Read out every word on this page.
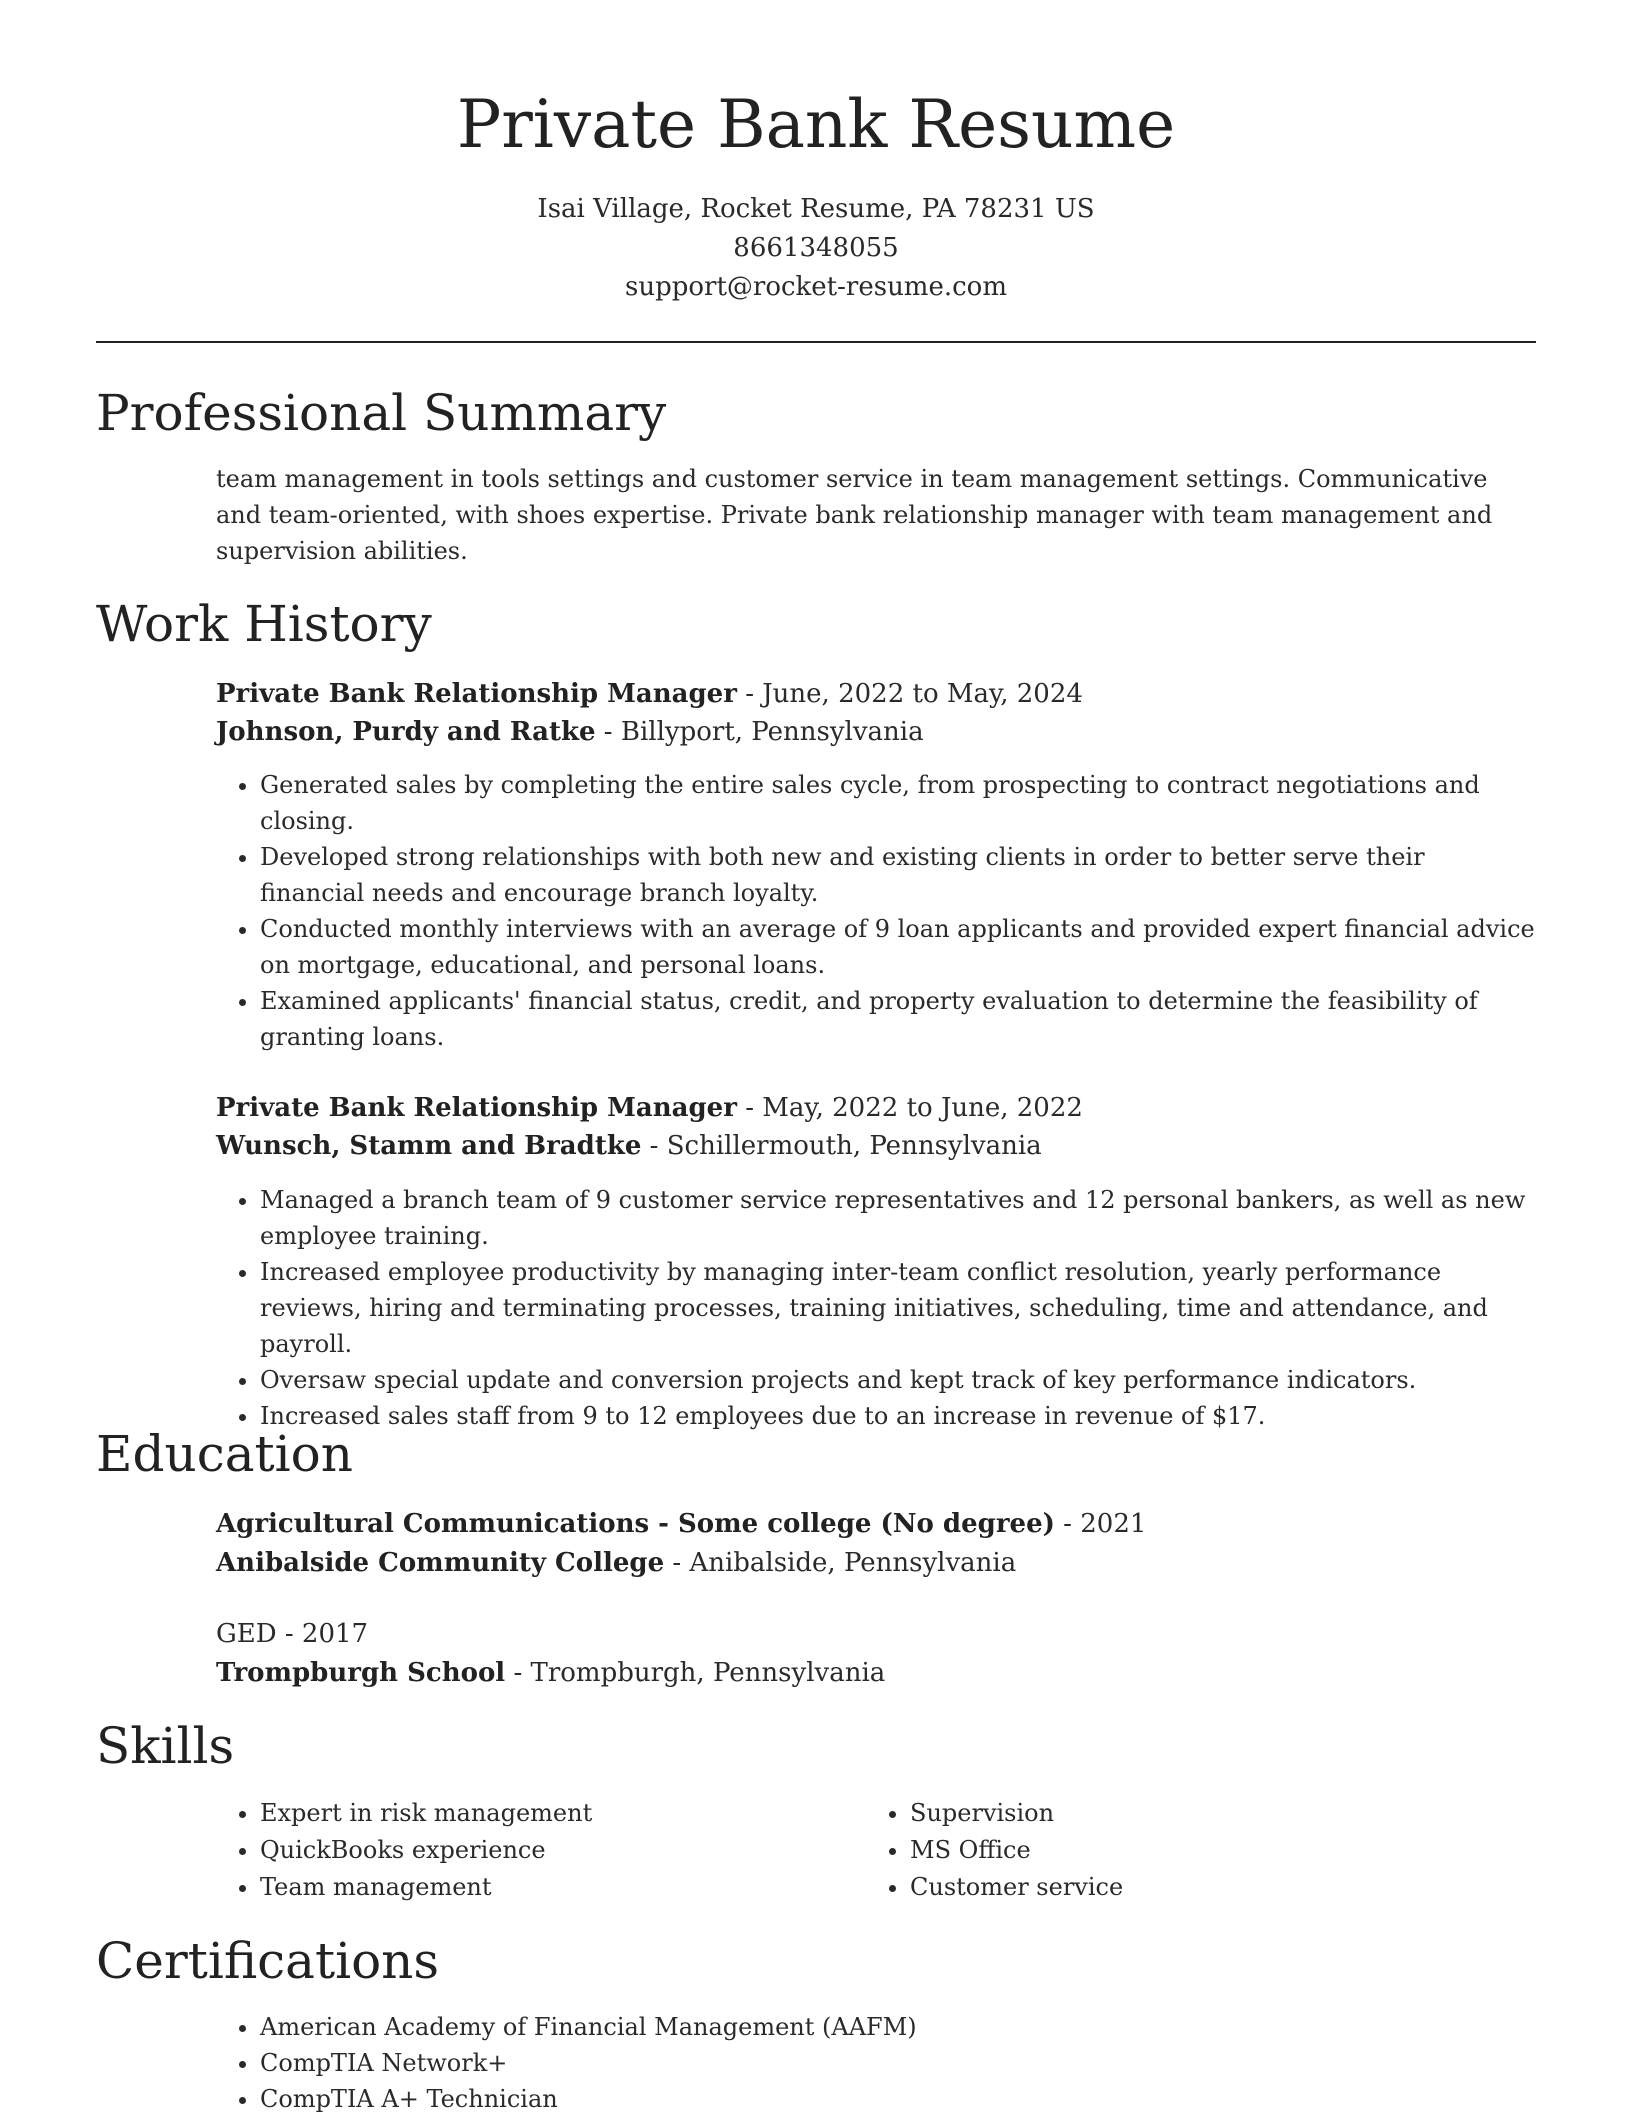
Private Bank Resume
Isai Village, Rocket Resume, PA 78231 US
8661348055
support@rocket-resume.com
Professional Summary

team management in tools settings and customer service in team management settings. Communicative and team-oriented, with shoes expertise. Private bank relationship manager with team management and supervision abilities.

Work History
Private Bank Relationship Manager - June, 2022 to May, 2024
Johnson, Purdy and Ratke - Billyport, Pennsylvania
• Generated sales by completing the entire sales cycle, from prospecting to contract negotiations and closing.
• Developed strong relationships with both new and existing clients in order to better serve their financial needs and encourage branch loyalty.
• Conducted monthly interviews with an average of 9 loan applicants and provided expert financial advice on mortgage, educational, and personal loans.
• Examined applicants' financial status, credit, and property evaluation to determine the feasibility of granting loans.
Private Bank Relationship Manager - May, 2022 to June, 2022
Wunsch, Stamm and Bradtke - Schillermouth, Pennsylvania
• Managed a branch team of 9 customer service representatives and 12 personal bankers, as well as new employee training.
• Increased employee productivity by managing inter-team conflict resolution, yearly performance reviews, hiring and terminating processes, training initiatives, scheduling, time and attendance, and payroll.
• Oversaw special update and conversion projects and kept track of key performance indicators.
• Increased sales staff from 9 to 12 employees due to an increase in revenue of $17.
Education
Agricultural Communications - Some college (No degree) - 2021
Anibalside Community College - Anibalside, Pennsylvania
GED - 2017
Trompburgh School - Trompburgh, Pennsylvania
Skills
• Expert in risk management
• QuickBooks experience
• Team management
• Supervision
• MS Office
• Customer service
Certifications
• American Academy of Financial Management (AAFM)
• CompTIA Network+
• CompTIA A+ Technician
